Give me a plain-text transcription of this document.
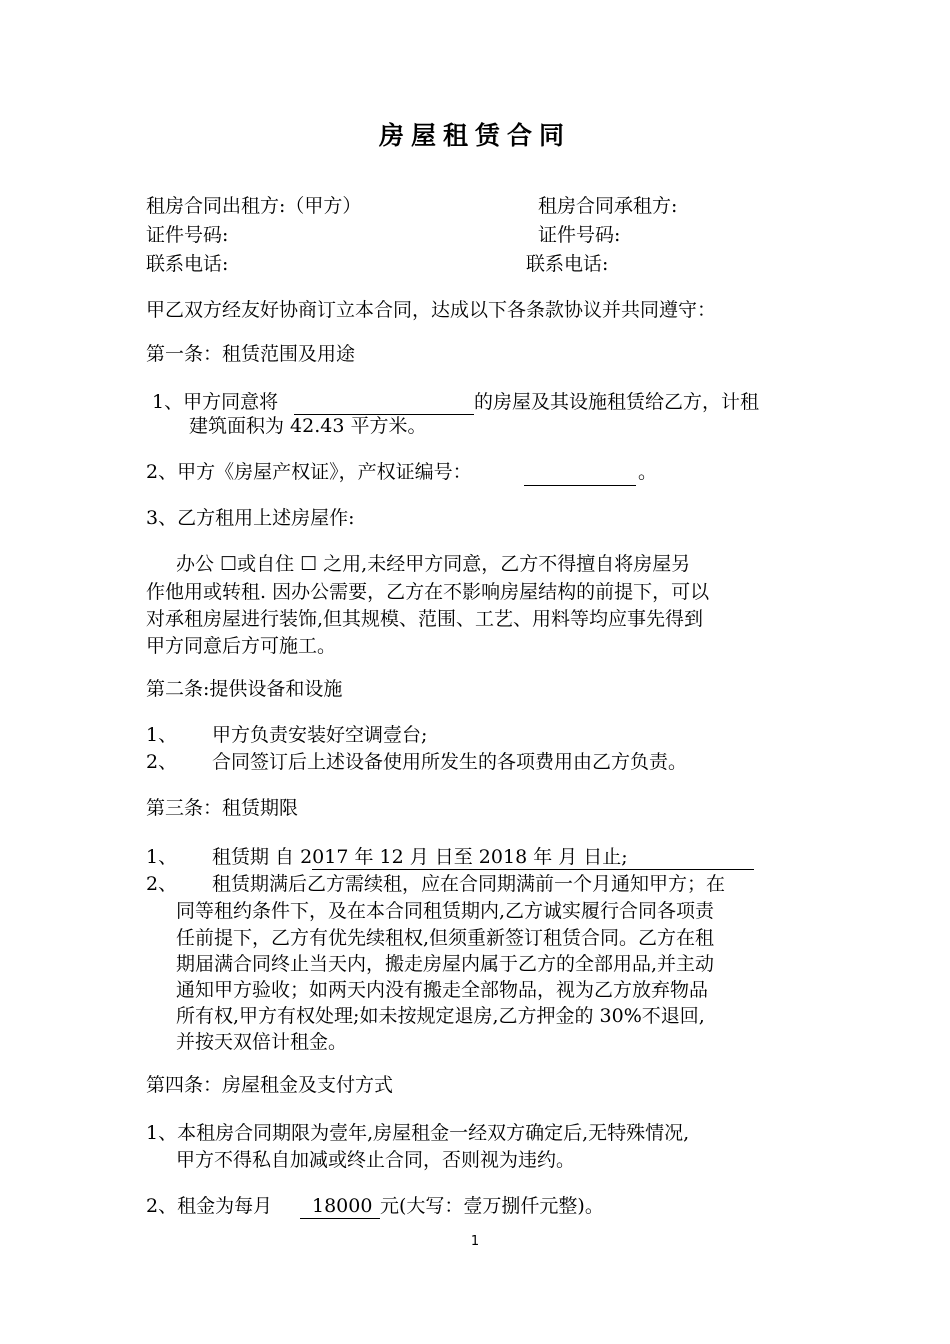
房屋租赁合同
租房合同出租方:（甲方）	租房合同承租方:
证件号码:	证件号码:
联系电话:	联系电话:
甲乙双方经友好协商订立本合同，达成以下各条款协议并共同遵守：
第一条：租赁范围及用途
1、甲方同意将	的房屋及其设施租赁给乙方，计租
建筑面积为 42.43 平方米。
2、甲方《房屋产权证》，产权证编号：	。
3、乙方租用上述房屋作:
办公 ☐或自住 ☐ 之用,未经甲方同意，乙方不得擅自将房屋另
作他用或转租. 因办公需要，乙方在不影响房屋结构的前提下，可以
对承租房屋进行装饰,但其规模、范围、工艺、用料等均应事先得到
甲方同意后方可施工。
第二条:提供设备和设施
1、 甲方负责安装好空调壹台;
2、 合同签订后上述设备使用所发生的各项费用由乙方负责。
第三条：租赁期限
1、 租赁期 自 2017 年 12 月 日至 2018 年 月 日止;
2、 租赁期满后乙方需续租，应在合同期满前一个月通知甲方；在
同等租约条件下，及在本合同租赁期内,乙方诚实履行合同各项责
任前提下，乙方有优先续租权,但须重新签订租赁合同。乙方在租
期届满合同终止当天内，搬走房屋内属于乙方的全部用品,并主动
通知甲方验收；如两天内没有搬走全部物品，视为乙方放弃物品
所有权,甲方有权处理;如未按规定退房,乙方押金的 30%不退回,
并按天双倍计租金。
第四条：房屋租金及支付方式
1、本租房合同期限为壹年,房屋租金一经双方确定后,无特殊情况,
甲方不得私自加减或终止合同，否则视为违约。
2、租金为每月 18000 元(大写：壹万捌仟元整)。
1
